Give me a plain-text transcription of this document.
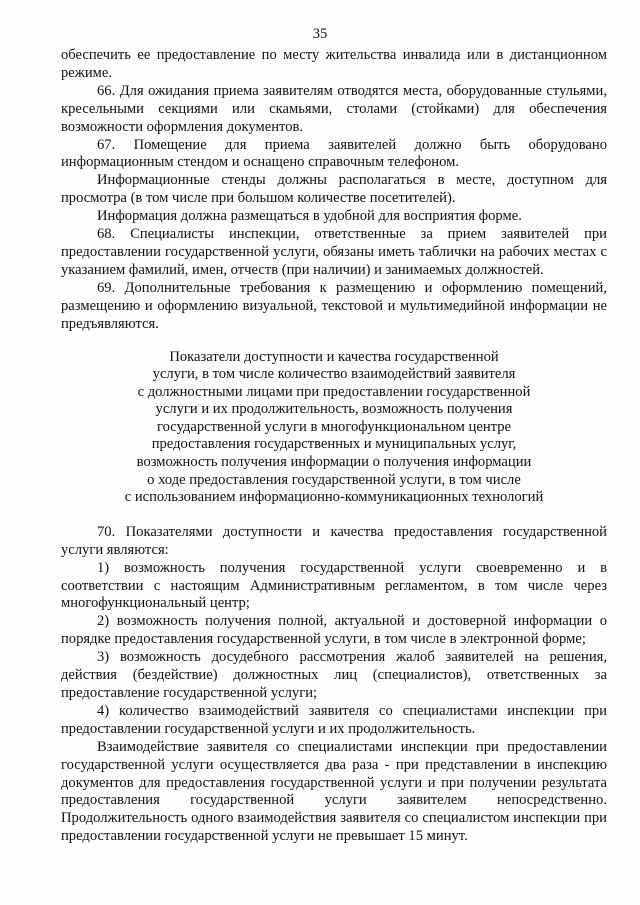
35

обеспечить ее предоставление по месту жительства инвалида или в дистанционном режиме.

66. Для ожидания приема заявителям отводятся места, оборудованные стульями, кресельными секциями или скамьями, столами (стойками) для обеспечения возможности оформления документов.

67. Помещение для приема заявителей должно быть оборудовано информационным стендом и оснащено справочным телефоном.

Информационные стенды должны располагаться в месте, доступном для просмотра (в том числе при большом количестве посетителей).

Информация должна размещаться в удобной для восприятия форме.

68. Специалисты инспекции, ответственные за прием заявителей при предоставлении государственной услуги, обязаны иметь таблички на рабочих местах с указанием фамилий, имен, отчеств (при наличии) и занимаемых должностей.

69. Дополнительные требования к размещению и оформлению помещений, размещению и оформлению визуальной, текстовой и мультимедийной информации не предъявляются.

Показатели доступности и качества государственной
услуги, в том числе количество взаимодействий заявителя
с должностными лицами при предоставлении государственной
услуги и их продолжительность, возможность получения
государственной услуги в многофункциональном центре
предоставления государственных и муниципальных услуг,
возможность получения информации о получения информации
о ходе предоставления государственной услуги, в том числе
с использованием информационно-коммуникационных технологий

70. Показателями доступности и качества предоставления государственной услуги являются:

1) возможность получения государственной услуги своевременно и в соответствии с настоящим Административным регламентом, в том числе через многофункциональный центр;

2) возможность получения полной, актуальной и достоверной информации о порядке предоставления государственной услуги, в том числе в электронной форме;

3) возможность досудебного рассмотрения жалоб заявителей на решения, действия (бездействие) должностных лиц (специалистов), ответственных за предоставление государственной услуги;

4) количество взаимодействий заявителя со специалистами инспекции при предоставлении государственной услуги и их продолжительность.

Взаимодействие заявителя со специалистами инспекции при предоставлении государственной услуги осуществляется два раза - при представлении в инспекцию документов для предоставления государственной услуги и при получении результата предоставления государственной услуги заявителем непосредственно. Продолжительность одного взаимодействия заявителя со специалистом инспекции при предоставлении государственной услуги не превышает 15 минут.
